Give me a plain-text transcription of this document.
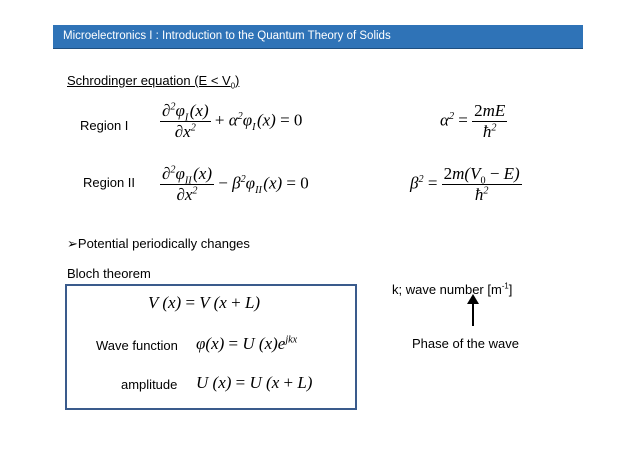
Microelectronics I : Introduction to the Quantum Theory of Solids
Schrodinger equation $(E < V_0)$
Region I $\frac{\partial^2\varphi_I (x)}{\partial x^2} + \alpha^2\varphi_I$ (x) = 0	$\alpha^2 = \frac{2mE}{ħ^2}$
Region II $\frac{\partial^2\varphi_{II} (x)}{\partial x^2} - \beta^2\varphi_{II}$ (x) = 0	$\beta^2 = \frac{2m(V_0 - E)}{ħ^2}$
➢Potential periodically changes
Bloch theorem
V (x) = V (x + L)
Wave function φ(x) = U $(x)e^{jkx}$
amplitude U (x) = U (x + L)
k; wave number $[m^{-1}]$
Phase of the wave
